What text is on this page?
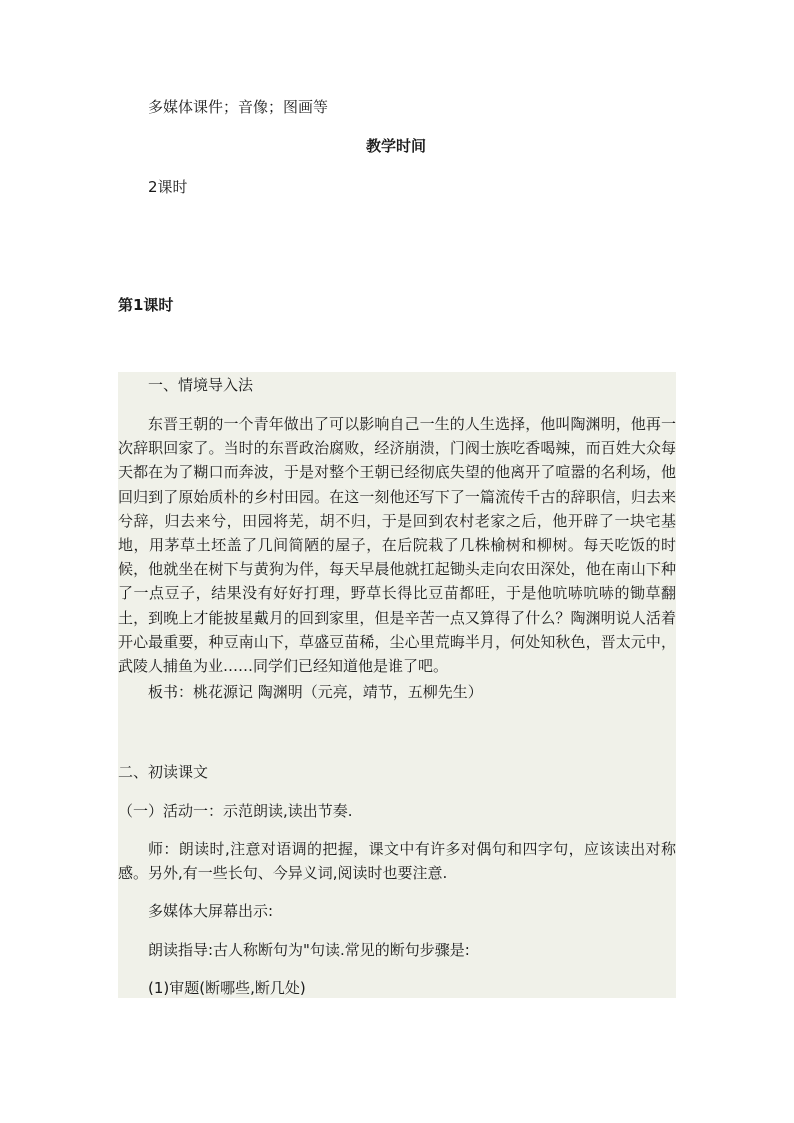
多媒体课件；音像；图画等

教学时间

2课时

第1课时

一、情境导入法

东晋王朝的一个青年做出了可以影响自己一生的人生选择，他叫陶渊明，他再一次辞职回家了。当时的东晋政治腐败，经济崩溃，门阀士族吃香喝辣，而百姓大众每天都在为了糊口而奔波，于是对整个王朝已经彻底失望的他离开了喧嚣的名利场，他回归到了原始质朴的乡村田园。在这一刻他还写下了一篇流传千古的辞职信，归去来兮辞，归去来兮，田园将芜，胡不归，于是回到农村老家之后，他开辟了一块宅基地，用茅草土坯盖了几间简陋的屋子，在后院栽了几株榆树和柳树。每天吃饭的时候，他就坐在树下与黄狗为伴，每天早晨他就扛起锄头走向农田深处，他在南山下种了一点豆子，结果没有好好打理，野草长得比豆苗都旺，于是他吭哧吭哧的锄草翻土，到晚上才能披星戴月的回到家里，但是辛苦一点又算得了什么？陶渊明说人活着开心最重要，种豆南山下，草盛豆苗稀，尘心里荒晦半月，何处知秋色，晋太元中，武陵人捕鱼为业……同学们已经知道他是谁了吧。

板书：桃花源记 陶渊明（元亮，靖节，五柳先生）

二、初读课文

（一）活动一：示范朗读,读出节奏.

师：朗读时,注意对语调的把握，课文中有许多对偶句和四字句，应该读出对称感。另外,有一些长句、今异义词,阅读时也要注意.

多媒体大屏幕出示:

朗读指导:古人称断句为"句读.常见的断句步骤是:

(1)审题(断哪些,断几处)
